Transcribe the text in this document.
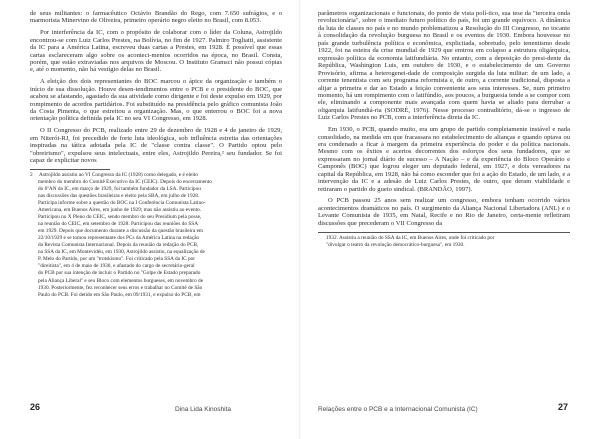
de seus militantes: o farmacêutico Octávio Brandão do Rego, com 7.650 sufrágios, e o marmorista Minervino de Oliveira, primeiro operário negro eleito no Brasil, com 8.053.

Por interferência da IC, com o propósito de colaborar com o líder da Coluna, Astrojildo encontrou-se com Luiz Carlos Prestes, na Bolívia, no fim de 1927. Palmiro Togliatti, assistente da IC para a América Latina, escreveu duas cartas a Prestes, em 1928. É possível que essas cartas esclareceram algo sobre os aconteci-mentos ocorridos na época, no Brasil. Consta, porém, que estão extraviadas nos arquivos de Moscou. O Instituto Gramsci não possui cópias e, até o momento, não há vestígio delas no Brasil.

A eleição dos dois representantes do BOC marcou o ápice da organização e também o início de sua dissolução. Houve desen-tendimentos entre o PCB e o presidente do BOC, que acabou se afastando, agastado da sua atividade como dirigente e foi deste expulso em 1929, por rompimento de acordos partidários. Foi substituído na presidência pelo gráfico comunista João da Costa Pimenta, o que estreitou a organização. Mas, o que enterrou o BOC foi a nova orientação política definida pela IC no seu VI Congresso, em 1928.

O II Congresso do PCB, realizado entre 29 de dezembro de 1928 e 4 de janeiro de 1929, em Niterói-RJ, foi precedido de forte luta ideológica, sob influência estreita das orientações inspiradas na tática adotada pela IC de "classe contra classe". O Partido optou pelo "obreirismo", expulsou seus intelectuais, entre eles, Astrojildo Pereira,² seu fundador. Se foi capaz de explicitar novos

2 Astrojildo assistiu ao VI Congresso da IC (1928) como delegado, e é eleito
membro do membro do Comitê Executivo da IC (CEIC). Depois do encerramento
do 6ºAN da IC, em março de 1929, foi também fundador da LSA. Participou
nas discussões das questões brasileiras e eleito pela SBA, em julho de 1928.
Participa informe sobre a questão do BOC na I Conferência Comunista Latino-
Americana, em Buenos Aires, em junho de 1929; mas não assistiu ao evento.
Participou no X Pleno do CEIC, sendo membro do seu Presidium pela posse,
na reunião do CEIC, em setembro de 1928. Participou das reuniões do SSA
em 1929. Depois que documento durante a discussão da questão brasileira em
22/10/1929 e se tomou representante dos PCs da América Latina na redação
da Revista Comunista Internacional. Depois da reunião da redação do PCB,
na SSA da IC, em Montevidéu, em 1930, Astrojildo assistiu, na equalização de
P. Melo do Partido, por um "trotskismo". Foi criticado pela SSA da IC por
"direitista", em 4 de maio de 1930, e afastado do cargo de secretário-geral
do PCB por sua intenção de incluir o Partido no "Golpe de Estado preparado
pela Aliança Liberal" e seu Bloco com elementos burgueses, em novembro de
1930. Posteriormente, fez reconhecer seus erros e trabalhar no Comitê de São
Paulo do PCB. Foi detido em São Paulo, em 09/1931, e expulso do PCB, em
26	Dina Lida Kinoshita

parâmetros organizacionais e funcionais, do ponto de vista polí-tico, sua tese da "terceira onda revolucionária", sobre o imediato futuro político do país, foi um grande equívoco. A dinâmica da luta de classes no país e no mundo problematizou a Resolução do III Congresso, no tocante à consolidação da revolução burguesa no Brasil e os eventos de 1930. Embora houvesse no país grande turbulência política e econômica, explicitada, sobretudo, pelo tenentismo desde 1922, foi na esteira da crise mundial de 1929 que emtrou em colapso a estrutura oligárquica, expressão política da economia latifundiária. No entanto, com a deposição do presi-dente da República, Washington Luis, em outubro de 1930, e o estabelecimento de um Governo Provisório, afirma a heterogenei-dade de composição surgida da luta militar: de um lado, a corrente tenentista com seu programa reformista e, de outro, a corrente tradicional, disposta a alijar a primeira e dar ao Estado a feição conveniente aos seus interesses. Se, num primeiro momento, há um rompimento com o latifúndio, aos poucos, a burguesia tende a se compor com ele, eliminando a componente mais avançada com quem havia se aliado para derrubar a oligarquia latifundiá-ria (SODRÉ, 1976). Nesse processo contraditório, dá-se o ingresso de Luiz Carlos Prestes no PCB, com a interferência direta da IC.

Em 1930, o PCB, quando muito, era um grupo de partido completamente instável e nada consolidado, na medida em que fracassara no estabelecimento de alianças e quando optava ou era condenado a ficar à margem da primeira experiência do poder e da política nacionais. Mesmo com os êxitos e acertos decorrentes dos esforços dos seus fundadores, que se expressaram no jornal diário de sucesso – A Nação – e da experiência do Bloco Operário e Camponês (BOC) que logrou eleger um deputado federal, em 1927, e dois vereadores na capital da República, em 1928, não há como esconder que foi a ação do Estado, de um lado, e a intervenção da IC e a adesão de Luiz Carlos Prestes, de outro, que deram viabilidade e retiraram o partido do gueto sindical. (BRANDÃO, 1997).

O PCB passou 25 anos sem realizar um congresso, embora tenham ocorrido vários acontecimentos dramáticos no país. O surgimento da Aliança Nacional Libertadora (ANL) e o Levante Comunista de 1935, em Natal, Recife e no Rio de Janeiro, certa-mente refletiram discussões que precederam o VII Congresso da

1932. Assistiu a reunião do SSA da IC, em Buenos Aires, onde foi criticado por
"divulgar o teatro da revolução democrático-burguesa", em 1930.
Relações entre o PCB e a Internacional Comunista (IC)	27
